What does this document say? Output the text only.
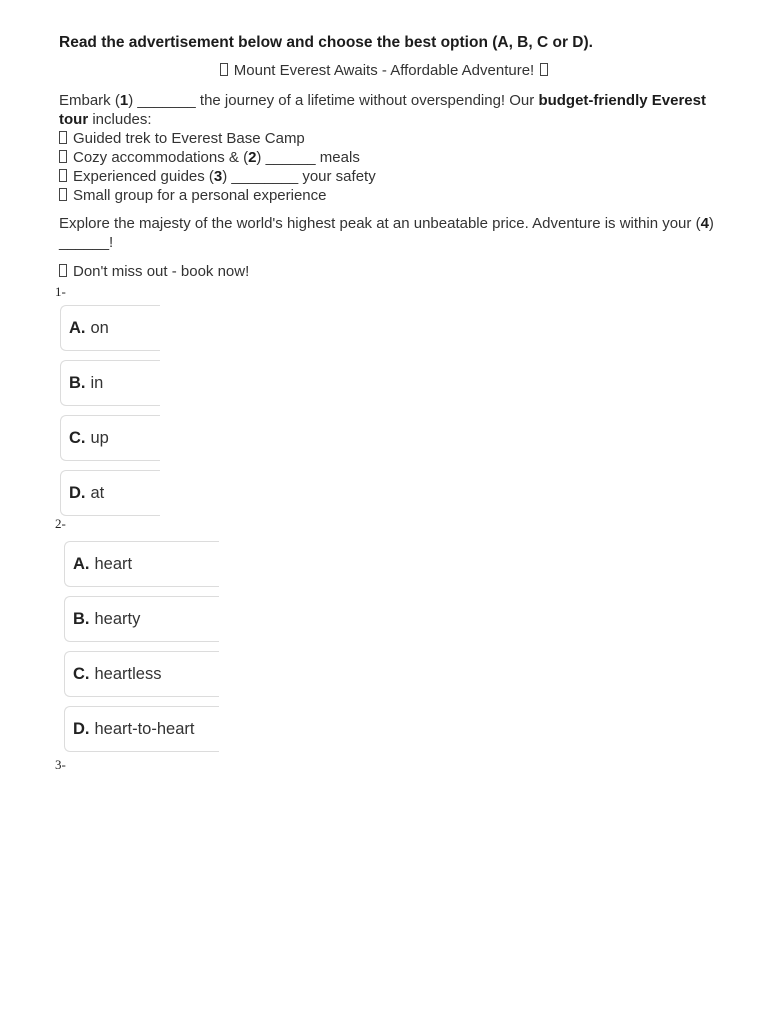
Read the advertisement below and choose the best option (A, B, C or D).
Mount Everest Awaits - Affordable Adventure!
Embark (1) _______ the journey of a lifetime without overspending! Our budget-friendly Everest tour includes:
Guided trek to Everest Base Camp
Cozy accommodations & (2) ______ meals
Experienced guides (3) ________ your safety
Small group for a personal experience
Explore the majesty of the world's highest peak at an unbeatable price. Adventure is within your (4) ______!
Don't miss out - book now!
1-
A. on
B. in
C. up
D. at
2-
A. heart
B. hearty
C. heartless
D. heart-to-heart
3-
